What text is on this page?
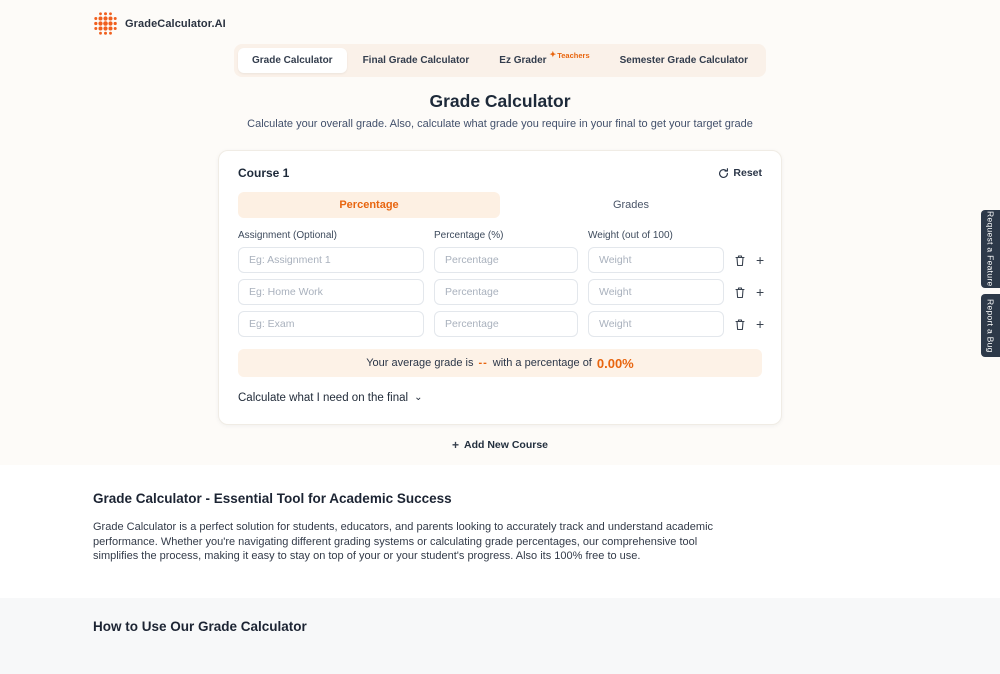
GradeCalculator.AI
Grade Calculator	Final Grade Calculator	Ez Grader
✦ Teachers	Semester Grade Calculator
Grade Calculator

Calculate your overall grade. Also, calculate what grade you require in your final to get your target grade

Course 1	Reset
Percentage	Grades
Assignment (Optional)	Percentage (%)	Weight (out of 100)
Eg: Assignment 1
Percentage
Weight
+
Eg: Home Work
Percentage
Weight
+
Eg: Exam
Percentage
Weight
+
Your average grade is -- with a percentage of 0.00%
Calculate what I need on the final ⌄
+ Add New Course
Grade Calculator - Essential Tool for Academic Success

Grade Calculator is a perfect solution for students, educators, and parents looking to accurately track and understand academic performance. Whether you're navigating different grading systems or calculating grade percentages, our comprehensive tool simplifies the process, making it easy to stay on top of your or your student's progress. Also its 100% free to use.

How to Use Our Grade Calculator
Request a Feature
Report a Bug
